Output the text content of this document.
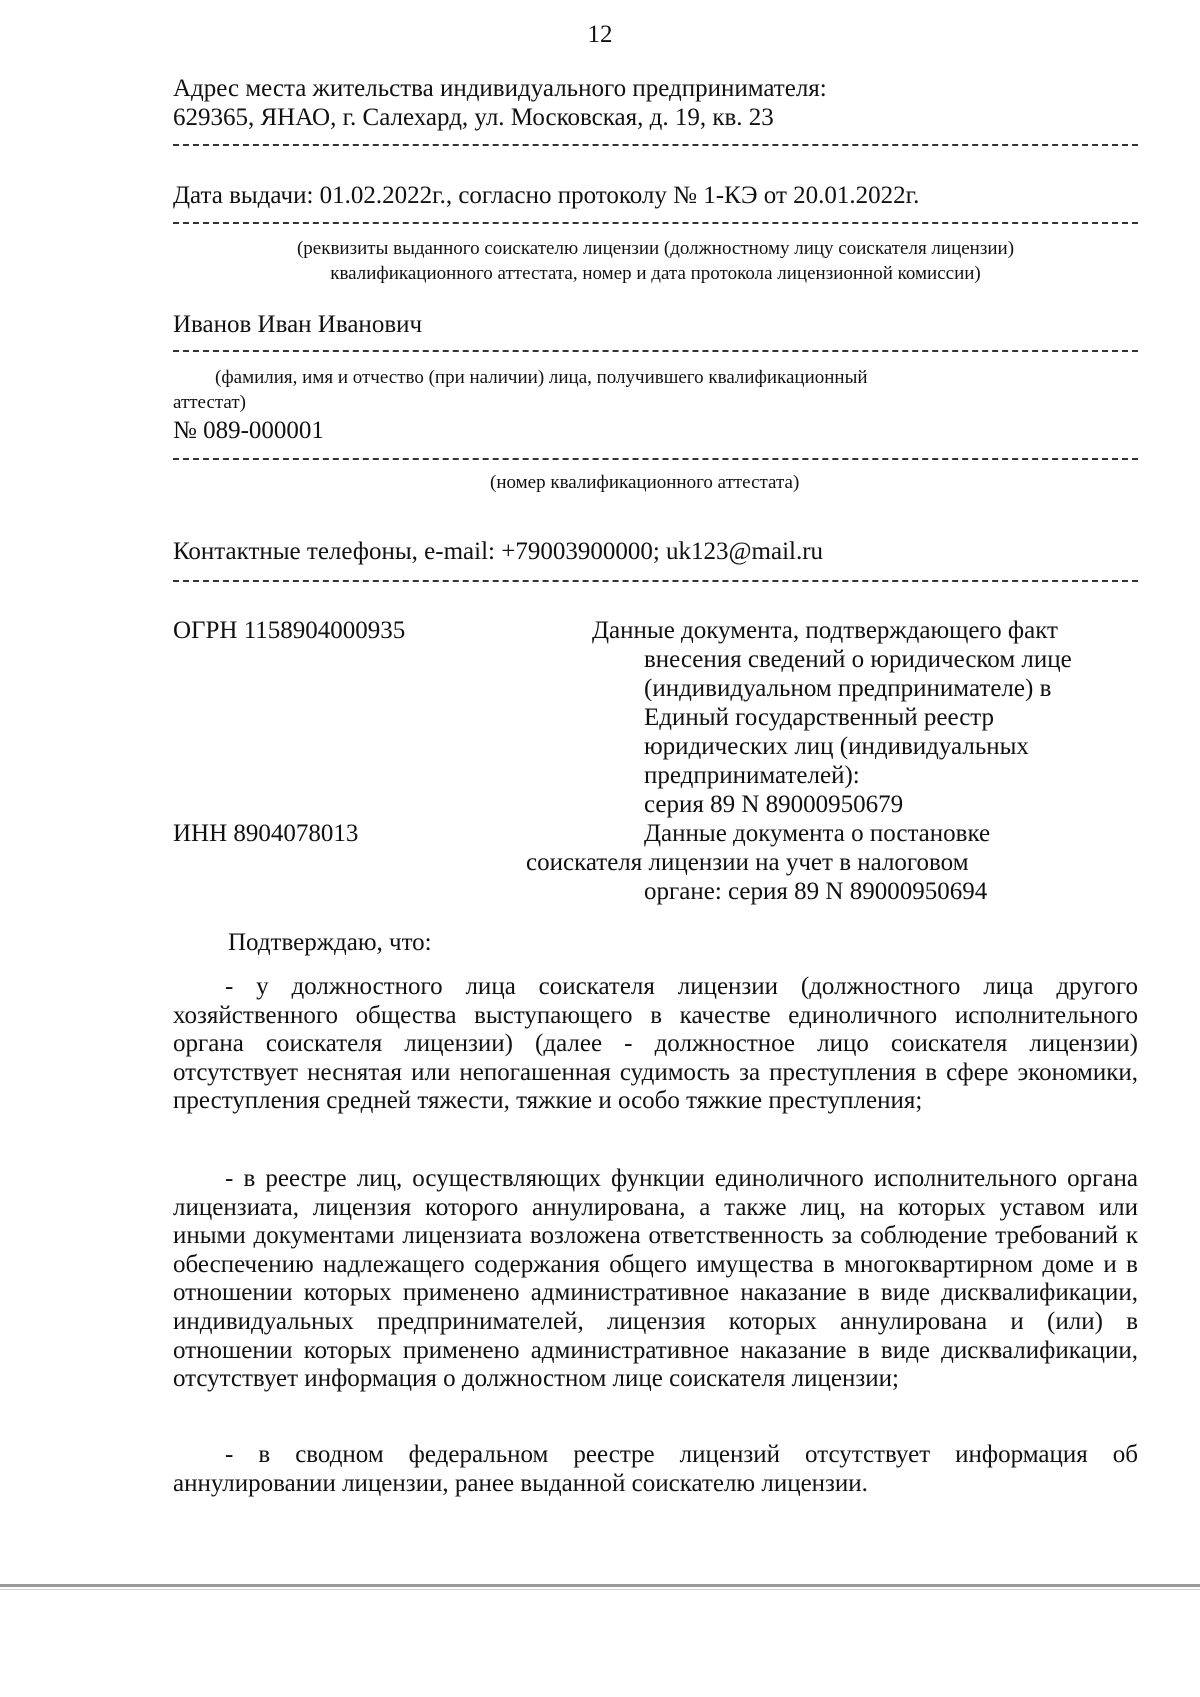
12
Адрес места жительства индивидуального предпринимателя:
629365, ЯНАО, г. Салехард, ул. Московская, д. 19, кв. 23
Дата выдачи: 01.02.2022г., согласно протоколу № 1-КЭ от 20.01.2022г.
(реквизиты выданного соискателю лицензии (должностному лицу соискателя лицензии)
квалификационного аттестата, номер и дата протокола лицензионной комиссии)
Иванов Иван Иванович
(фамилия, имя и отчество (при наличии) лица, получившего квалификационный
аттестат)
№ 089-000001
(номер квалификационного аттестата)
Контактные телефоны, e-mail: +79003900000; uk123@mail.ru
ОГРН 1158904000935	Данные документа, подтверждающего факт
внесения сведений о юридическом лице
(индивидуальном предпринимателе) в
Единый государственный реестр
юридических лиц (индивидуальных
предпринимателей):
серия 89 N 89000950679
ИНН 8904078013	Данные документа о постановке
соискателя лицензии на учет в налоговом
органе: серия 89 N 89000950694
Подтверждаю, что:
- у должностного лица соискателя лицензии (должностного лица другого хозяйственного общества выступающего в качестве единоличного исполнительного органа соискателя лицензии) (далее - должностное лицо соискателя лицензии) отсутствует неснятая или непогашенная судимость за преступления в сфере экономики, преступления средней тяжести, тяжкие и особо тяжкие преступления;
- в реестре лиц, осуществляющих функции единоличного исполнительного органа лицензиата, лицензия которого аннулирована, а также лиц, на которых уставом или иными документами лицензиата возложена ответственность за соблюдение требований к обеспечению надлежащего содержания общего имущества в многоквартирном доме и в отношении которых применено административное наказание в виде дисквалификации, индивидуальных предпринимателей, лицензия которых аннулирована и (или) в отношении которых применено административное наказание в виде дисквалификации, отсутствует информация о должностном лице соискателя лицензии;
- в сводном федеральном реестре лицензий отсутствует информация об аннулировании лицензии, ранее выданной соискателю лицензии.
